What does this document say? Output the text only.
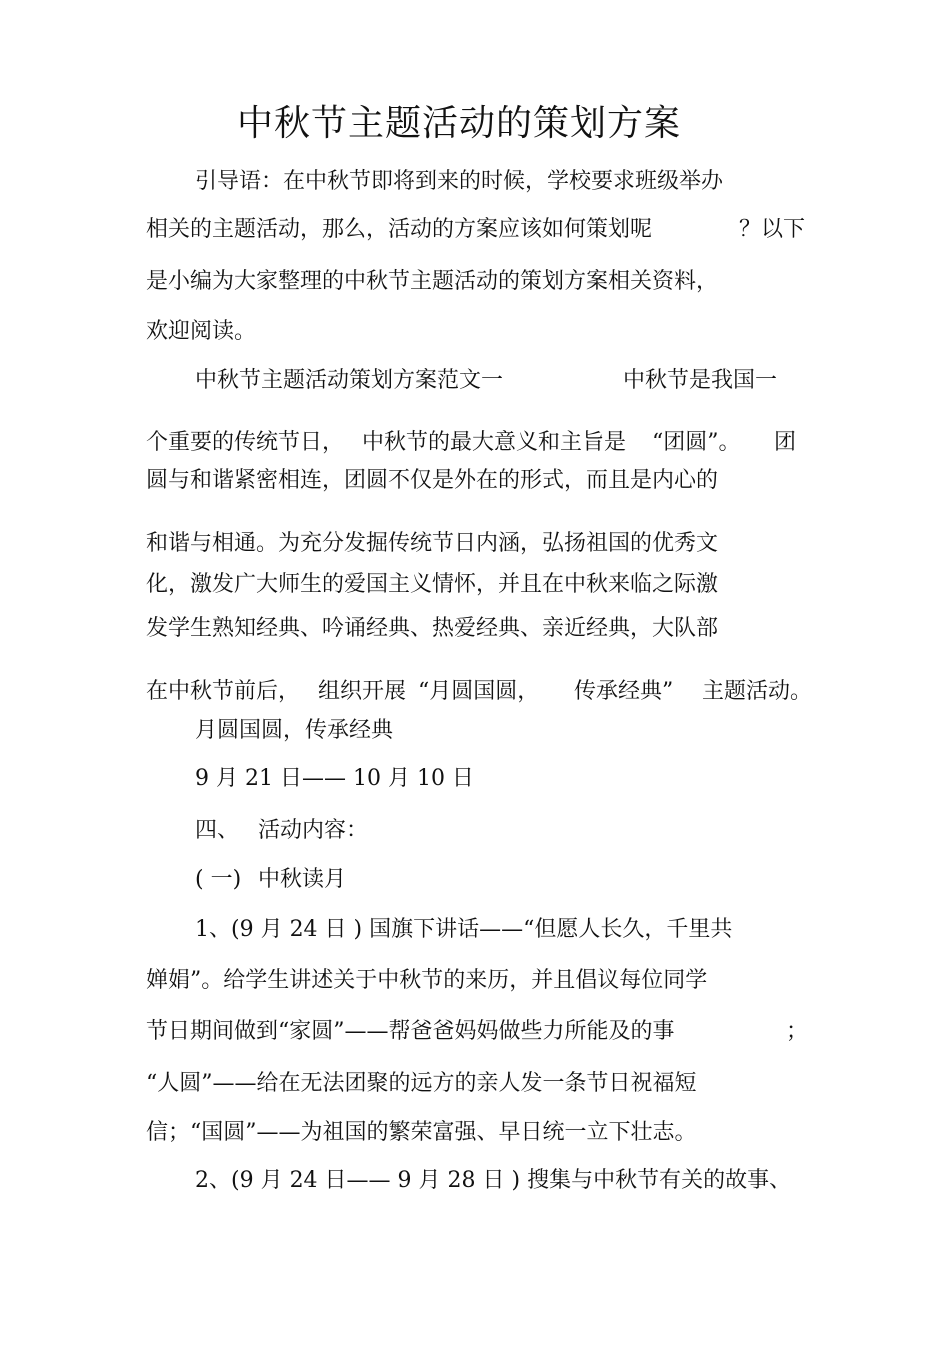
中秋节主题活动的策划方案
引导语：在中秋节即将到来的时候，学校要求班级举办
相关的主题活动，那么，活动的方案应该如何策划呢	？以下
是小编为大家整理的中秋节主题活动的策划方案相关资料，
欢迎阅读。
中秋节主题活动策划方案范文一	中秋节是我国一
个重要的传统节日， 中秋节的最大意义和主旨是 “团圆”。 团
圆与和谐紧密相连，团圆不仅是外在的形式，而且是内心的
和谐与相通。为充分发掘传统节日内涵，弘扬祖国的优秀文
化，激发广大师生的爱国主义情怀，并且在中秋来临之际激
发学生熟知经典、吟诵经典、热爱经典、亲近经典，大队部
在中秋节前后， 组织开展 “月圆国圆， 传承经典” 主题活动。
月圆国圆，传承经典
9 月 21 日—— 10 月 10 日
四、 活动内容：
( 一) 中秋读月
1、(9 月 24 日 ) 国旗下讲话——“但愿人长久，千里共
婵娟”。给学生讲述关于中秋节的来历，并且倡议每位同学
节日期间做到“家圆”——帮爸爸妈妈做些力所能及的事	；
“人圆”——给在无法团聚的远方的亲人发一条节日祝福短
信；“国圆”——为祖国的繁荣富强、早日统一立下壮志。
2、(9 月 24 日—— 9 月 28 日 ) 搜集与中秋节有关的故事、
